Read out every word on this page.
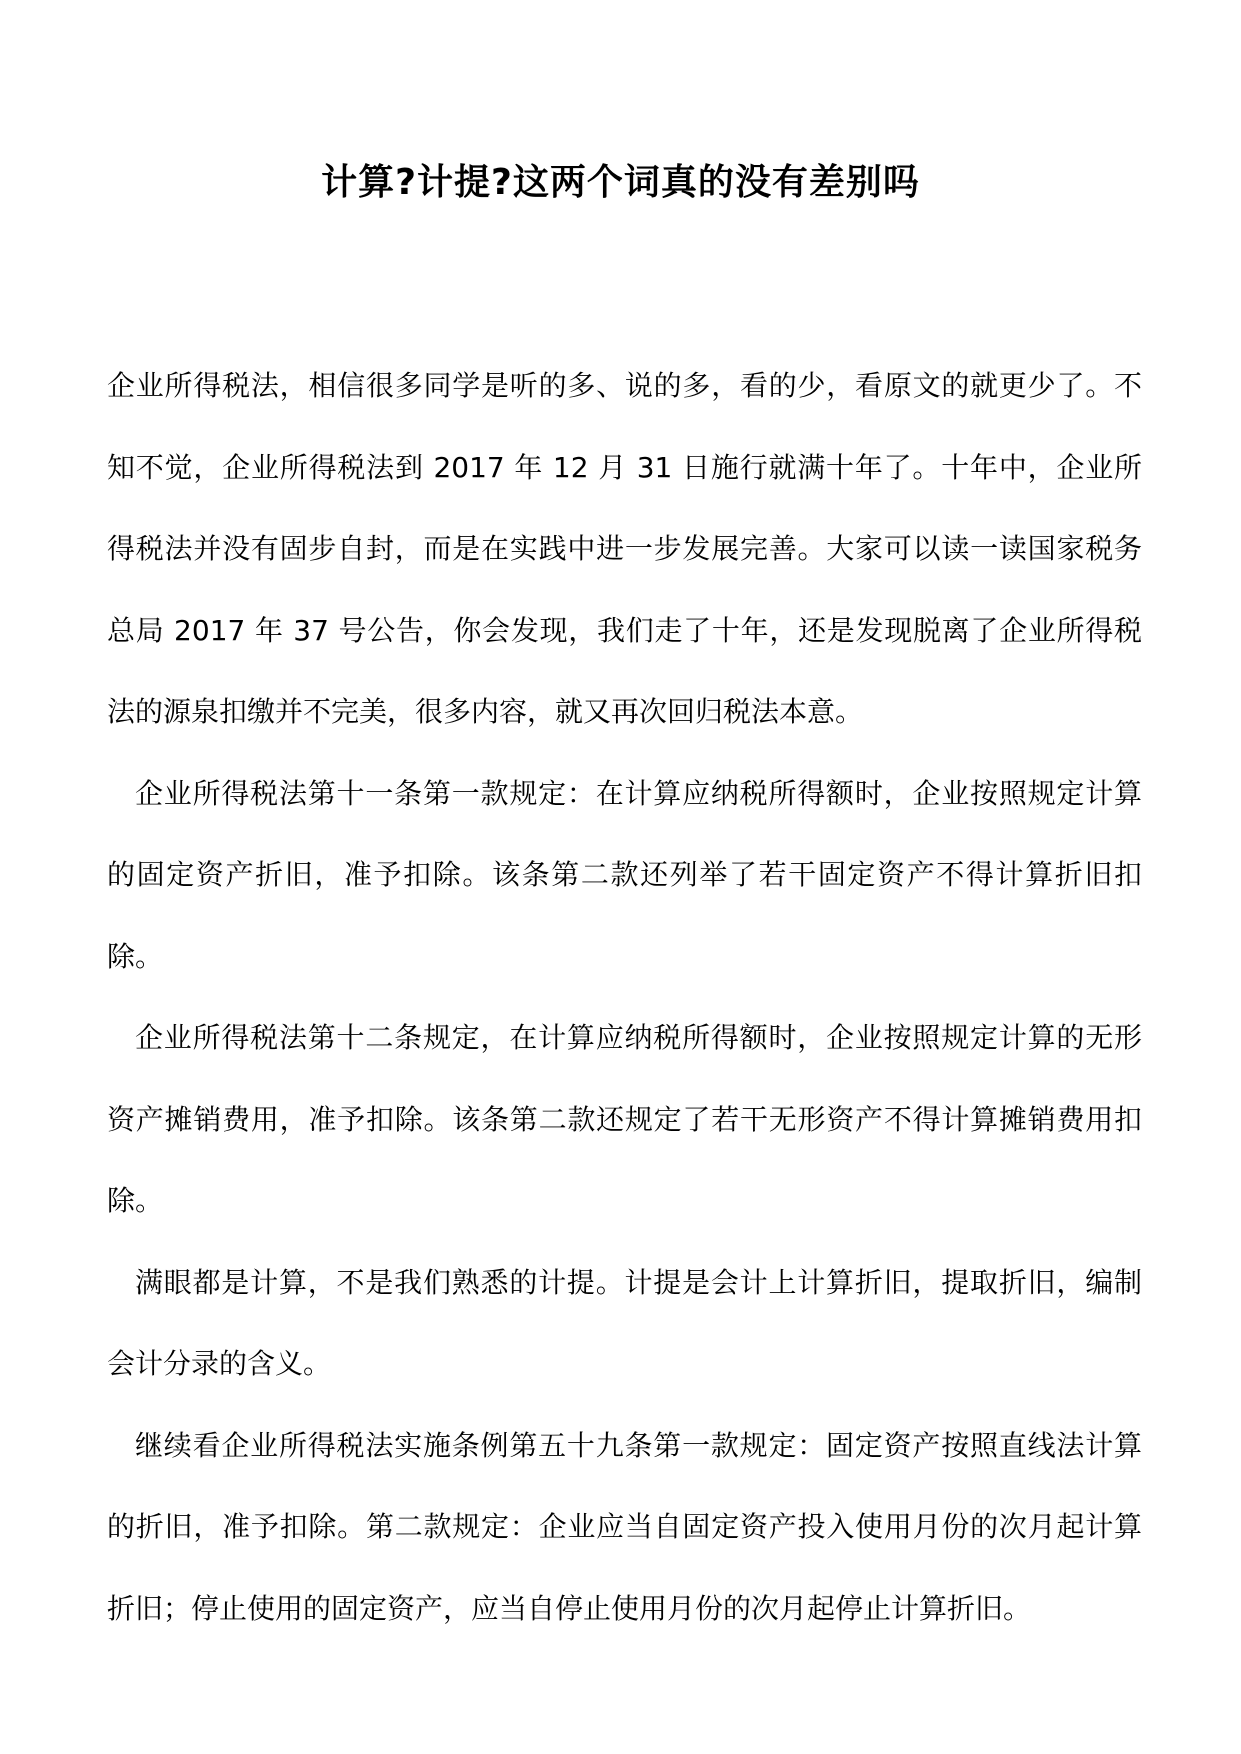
计算?计提?这两个词真的没有差别吗

企业所得税法，相信很多同学是听的多、说的多，看的少，看原文的就更少了。不知不觉，企业所得税法到 2017 年 12 月 31 日施行就满十年了。十年中，企业所得税法并没有固步自封，而是在实践中进一步发展完善。大家可以读一读国家税务总局 2017 年 37 号公告，你会发现，我们走了十年，还是发现脱离了企业所得税法的源泉扣缴并不完美，很多内容，就又再次回归税法本意。

企业所得税法第十一条第一款规定：在计算应纳税所得额时，企业按照规定计算的固定资产折旧，准予扣除。该条第二款还列举了若干固定资产不得计算折旧扣除。

企业所得税法第十二条规定，在计算应纳税所得额时，企业按照规定计算的无形资产摊销费用，准予扣除。该条第二款还规定了若干无形资产不得计算摊销费用扣除。

满眼都是计算，不是我们熟悉的计提。计提是会计上计算折旧，提取折旧，编制会计分录的含义。

继续看企业所得税法实施条例第五十九条第一款规定：固定资产按照直线法计算的折旧，准予扣除。第二款规定：企业应当自固定资产投入使用月份的次月起计算折旧；停止使用的固定资产，应当自停止使用月份的次月起停止计算折旧。
